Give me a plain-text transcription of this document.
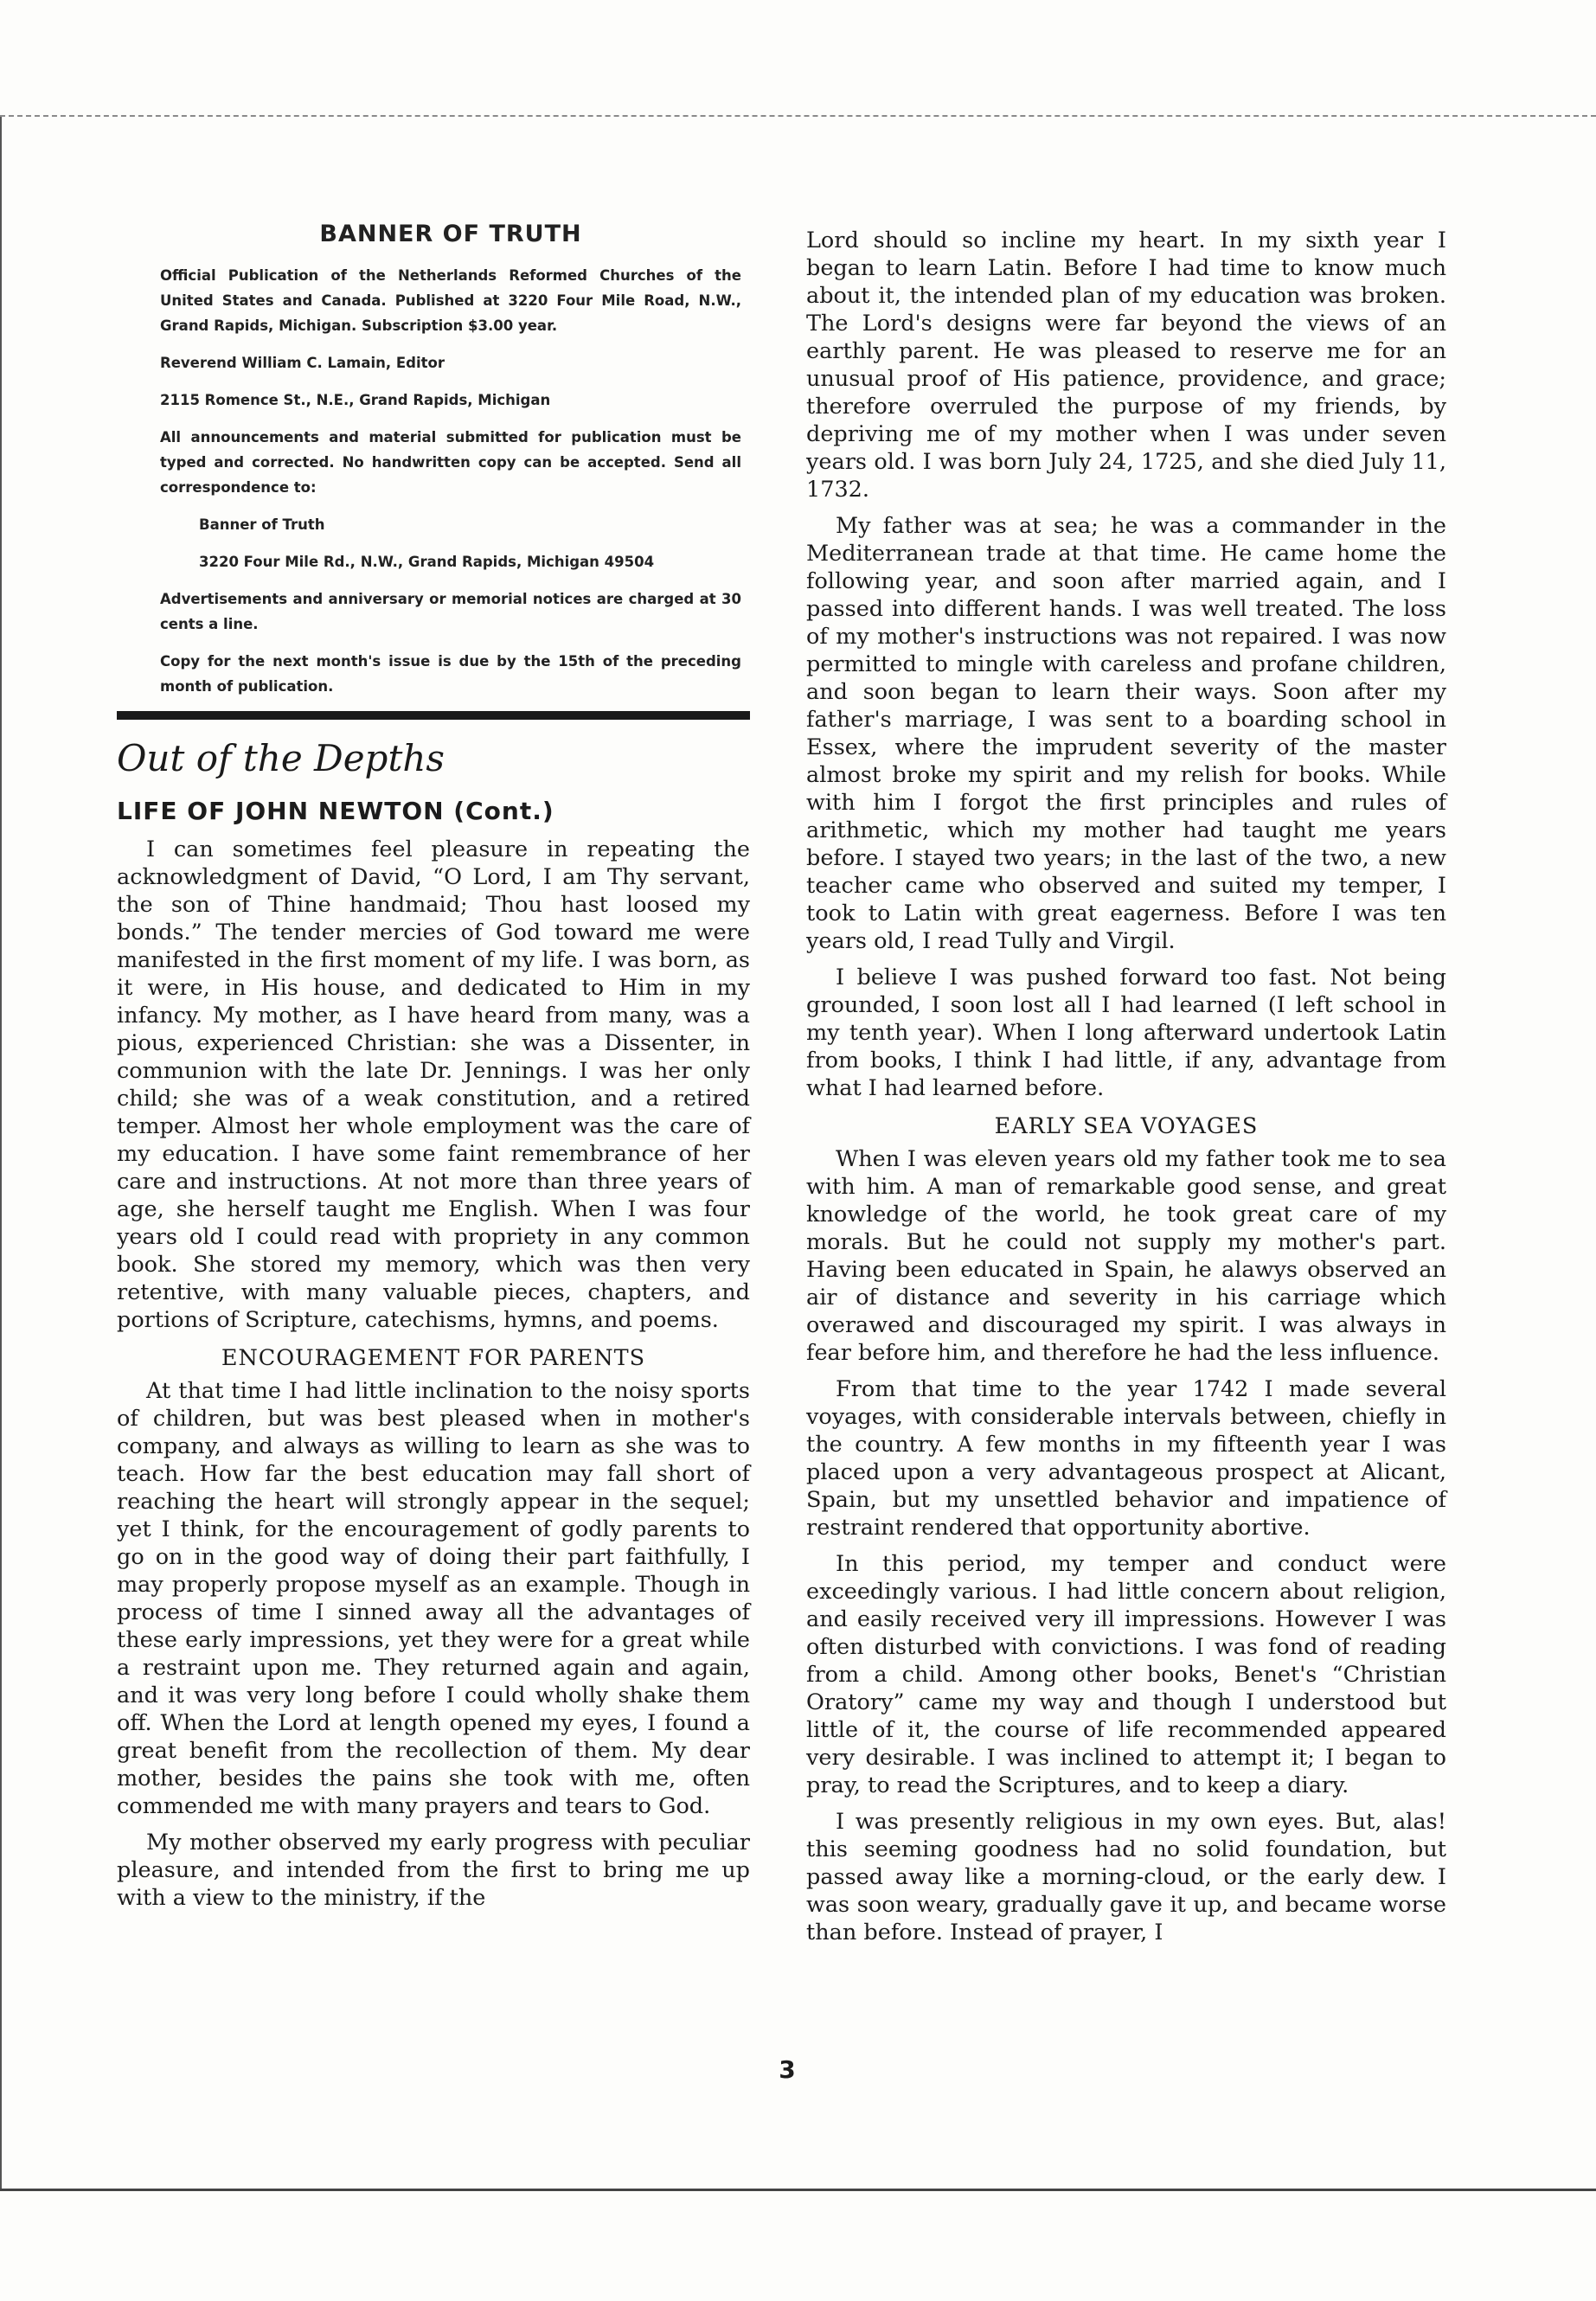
BANNER OF TRUTH

Official Publication of the Netherlands Reformed Churches of the United States and Canada. Published at 3220 Four Mile Road, N.W., Grand Rapids, Michigan. Subscription $3.00 year.

Reverend William C. Lamain, Editor
2115 Romence St., N.E., Grand Rapids, Michigan

All announcements and material submitted for publication must be typed and corrected. No handwritten copy can be accepted. Send all correspondence to:

Banner of Truth
3220 Four Mile Rd., N.W., Grand Rapids, Michigan 49504

Advertisements and anniversary or memorial notices are charged at 30 cents a line.

Copy for the next month's issue is due by the 15th of the preceding month of publication.

Out of the Depths
LIFE OF JOHN NEWTON (Cont.)

I can sometimes feel pleasure in repeating the acknowledgment of David, “O Lord, I am Thy servant, the son of Thine handmaid; Thou hast loosed my bonds.” The tender mercies of God toward me were manifested in the first moment of my life. I was born, as it were, in His house, and dedicated to Him in my infancy. My mother, as I have heard from many, was a pious, experienced Christian: she was a Dissenter, in communion with the late Dr. Jennings. I was her only child; she was of a weak constitution, and a retired temper. Almost her whole employment was the care of my education. I have some faint remembrance of her care and instructions. At not more than three years of age, she herself taught me English. When I was four years old I could read with propriety in any common book. She stored my memory, which was then very retentive, with many valuable pieces, chapters, and portions of Scripture, catechisms, hymns, and poems.

ENCOURAGEMENT FOR PARENTS

At that time I had little inclination to the noisy sports of children, but was best pleased when in mother's company, and always as willing to learn as she was to teach. How far the best education may fall short of reaching the heart will strongly appear in the sequel; yet I think, for the encouragement of godly parents to go on in the good way of doing their part faithfully, I may properly propose myself as an example. Though in process of time I sinned away all the advantages of these early impressions, yet they were for a great while a restraint upon me. They returned again and again, and it was very long before I could wholly shake them off. When the Lord at length opened my eyes, I found a great benefit from the recollection of them. My dear mother, besides the pains she took with me, often commended me with many prayers and tears to God.

My mother observed my early progress with peculiar pleasure, and intended from the first to bring me up with a view to the ministry, if the

Lord should so incline my heart. In my sixth year I began to learn Latin. Before I had time to know much about it, the intended plan of my education was broken. The Lord's designs were far beyond the views of an earthly parent. He was pleased to reserve me for an unusual proof of His patience, providence, and grace; therefore overruled the purpose of my friends, by depriving me of my mother when I was under seven years old. I was born July 24, 1725, and she died July 11, 1732.

My father was at sea; he was a commander in the Mediterranean trade at that time. He came home the following year, and soon after married again, and I passed into different hands. I was well treated. The loss of my mother's instructions was not repaired. I was now permitted to mingle with careless and profane children, and soon began to learn their ways. Soon after my father's marriage, I was sent to a boarding school in Essex, where the imprudent severity of the master almost broke my spirit and my relish for books. While with him I forgot the first principles and rules of arithmetic, which my mother had taught me years before. I stayed two years; in the last of the two, a new teacher came who observed and suited my temper, I took to Latin with great eagerness. Before I was ten years old, I read Tully and Virgil.

I believe I was pushed forward too fast. Not being grounded, I soon lost all I had learned (I left school in my tenth year). When I long afterward undertook Latin from books, I think I had little, if any, advantage from what I had learned before.

EARLY SEA VOYAGES

When I was eleven years old my father took me to sea with him. A man of remarkable good sense, and great knowledge of the world, he took great care of my morals. But he could not supply my mother's part. Having been educated in Spain, he alawys observed an air of distance and severity in his carriage which overawed and discouraged my spirit. I was always in fear before him, and therefore he had the less influence.

From that time to the year 1742 I made several voyages, with considerable intervals between, chiefly in the country. A few months in my fifteenth year I was placed upon a very advantageous prospect at Alicant, Spain, but my unsettled behavior and impatience of restraint rendered that opportunity abortive.

In this period, my temper and conduct were exceedingly various. I had little concern about religion, and easily received very ill impressions. However I was often disturbed with convictions. I was fond of reading from a child. Among other books, Benet's “Christian Oratory” came my way and though I understood but little of it, the course of life recommended appeared very desirable. I was inclined to attempt it; I began to pray, to read the Scriptures, and to keep a diary.

I was presently religious in my own eyes. But, alas! this seeming goodness had no solid foundation, but passed away like a morning-cloud, or the early dew. I was soon weary, gradually gave it up, and became worse than before. Instead of prayer, I

3
